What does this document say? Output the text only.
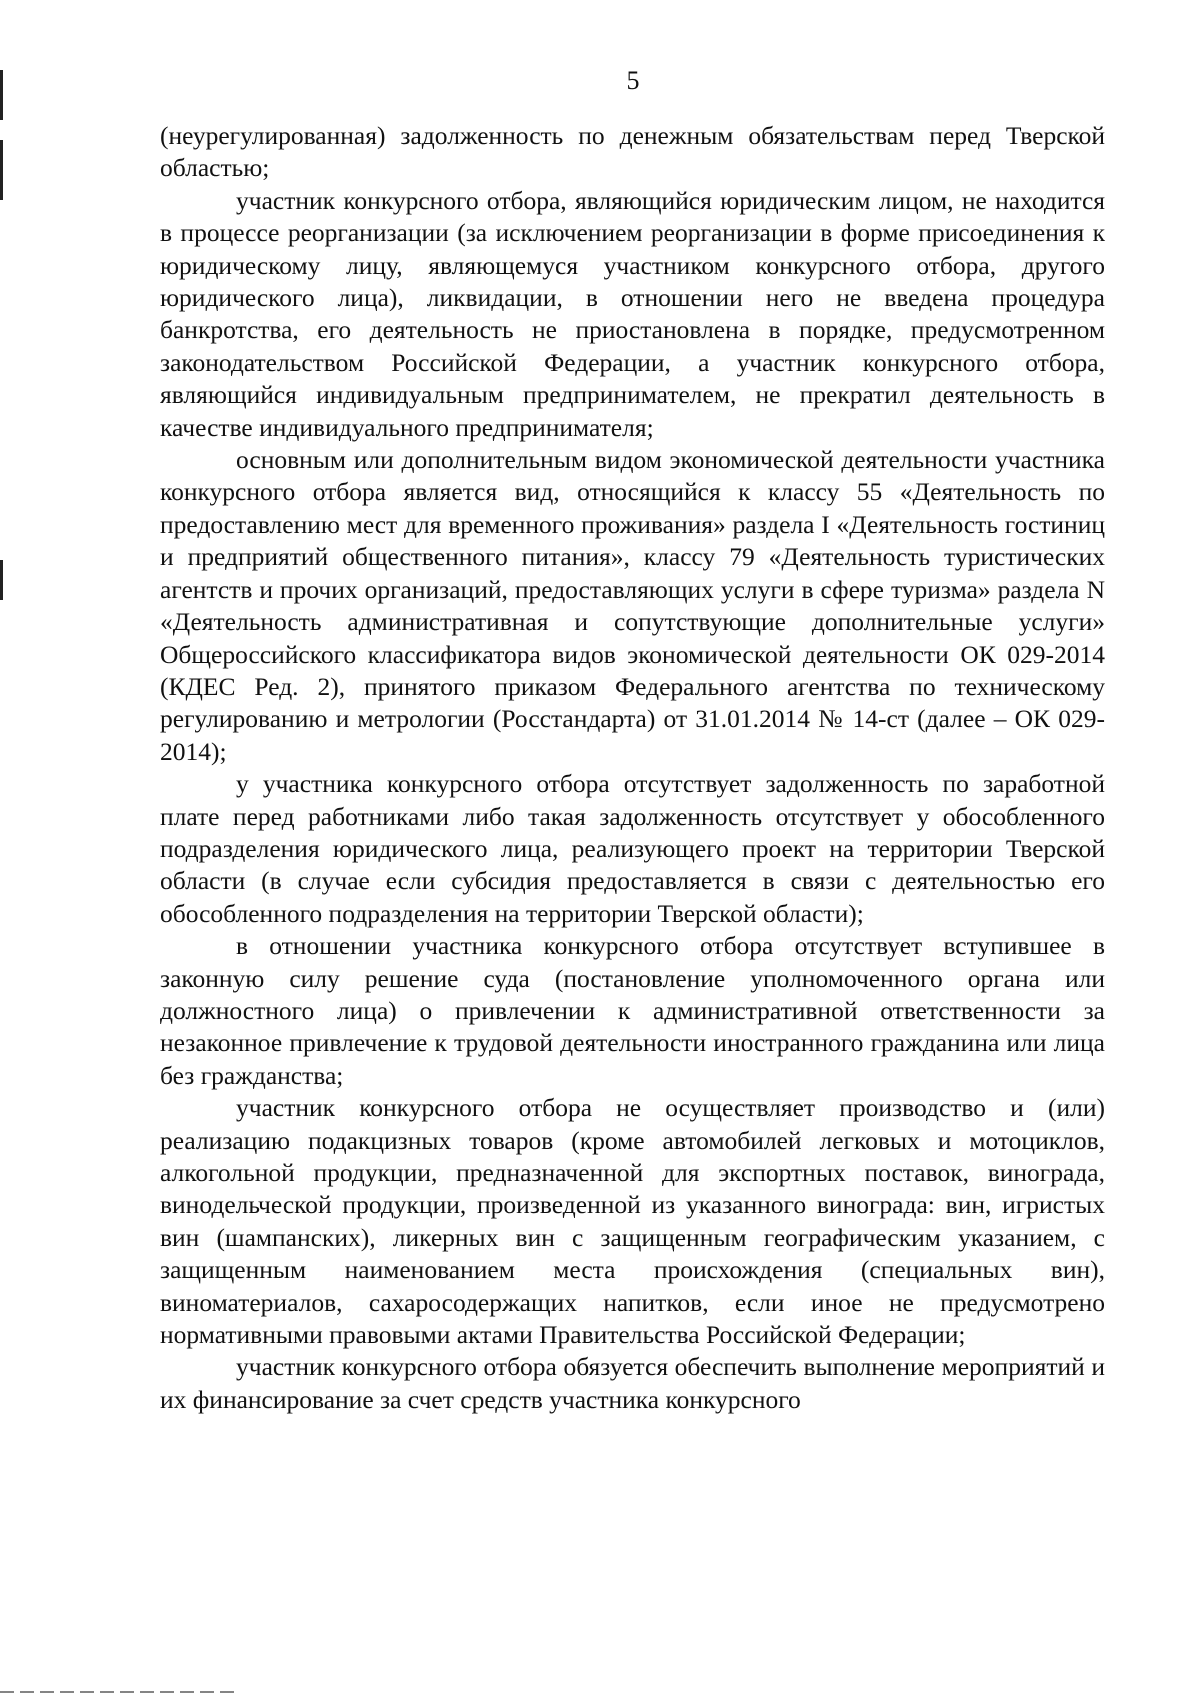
5

(неурегулированная) задолженность по денежным обязательствам перед Тверской областью;

участник конкурсного отбора, являющийся юридическим лицом, не находится в процессе реорганизации (за исключением реорганизации в форме присоединения к юридическому лицу, являющемуся участником конкурсного отбора, другого юридического лица), ликвидации, в отношении него не введена процедура банкротства, его деятельность не приостановлена в порядке, предусмотренном законодательством Российской Федерации, а участник конкурсного отбора, являющийся индивидуальным предпринимателем, не прекратил деятельность в качестве индивидуального предпринимателя;

основным или дополнительным видом экономической деятельности участника конкурсного отбора является вид, относящийся к классу 55 «Деятельность по предоставлению мест для временного проживания» раздела I «Деятельность гостиниц и предприятий общественного питания», классу 79 «Деятельность туристических агентств и прочих организаций, предоставляющих услуги в сфере туризма» раздела N «Деятельность административная и сопутствующие дополнительные услуги» Общероссийского классификатора видов экономической деятельности ОК 029-2014 (КДЕС Ред. 2), принятого приказом Федерального агентства по техническому регулированию и метрологии (Росстандарта) от 31.01.2014 № 14-ст (далее – ОК 029-2014);

у участника конкурсного отбора отсутствует задолженность по заработной плате перед работниками либо такая задолженность отсутствует у обособленного подразделения юридического лица, реализующего проект на территории Тверской области (в случае если субсидия предоставляется в связи с деятельностью его обособленного подразделения на территории Тверской области);

в отношении участника конкурсного отбора отсутствует вступившее в законную силу решение суда (постановление уполномоченного органа или должностного лица) о привлечении к административной ответственности за незаконное привлечение к трудовой деятельности иностранного гражданина или лица без гражданства;

участник конкурсного отбора не осуществляет производство и (или) реализацию подакцизных товаров (кроме автомобилей легковых и мотоциклов, алкогольной продукции, предназначенной для экспортных поставок, винограда, винодельческой продукции, произведенной из указанного винограда: вин, игристых вин (шампанских), ликерных вин с защищенным географическим указанием, с защищенным наименованием места происхождения (специальных вин), виноматериалов, сахаросодержащих напитков, если иное не предусмотрено нормативными правовыми актами Правительства Российской Федерации;

участник конкурсного отбора обязуется обеспечить выполнение мероприятий и их финансирование за счет средств участника конкурсного
